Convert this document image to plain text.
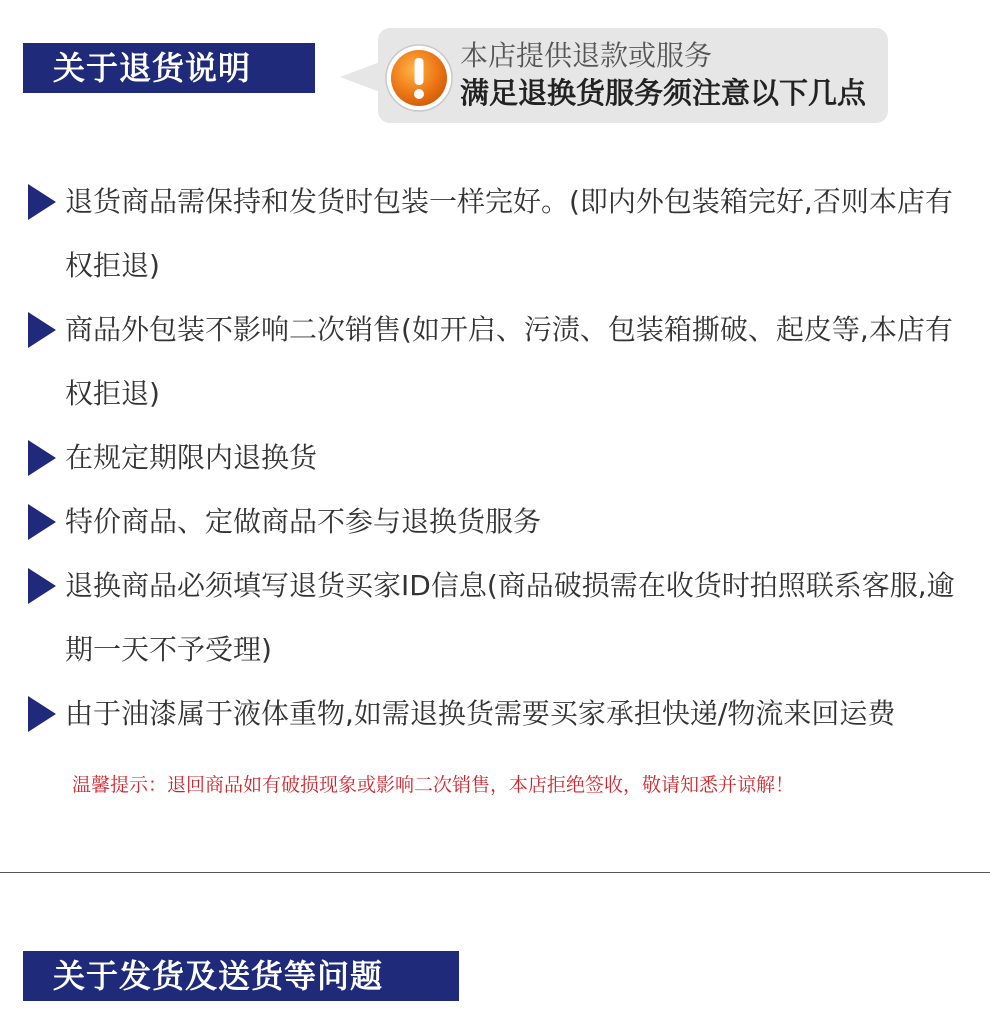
关于退货说明	本店提供退款或服务
满足退换货服务须注意以下几点
退货商品需保持和发货时包装一样完好。(即内外包装箱完好,否则本店有权拒退)
商品外包装不影响二次销售(如开启、污渍、包装箱撕破、起皮等,本店有权拒退)
在规定期限内退换货
特价商品、定做商品不参与退换货服务
退换商品必须填写退货买家ID信息(商品破损需在收货时拍照联系客服,逾期一天不予受理)
由于油漆属于液体重物,如需退换货需要买家承担快递/物流来回运费
温馨提示：退回商品如有破损现象或影响二次销售，本店拒绝签收，敬请知悉并谅解！
关于发货及送货等问题
